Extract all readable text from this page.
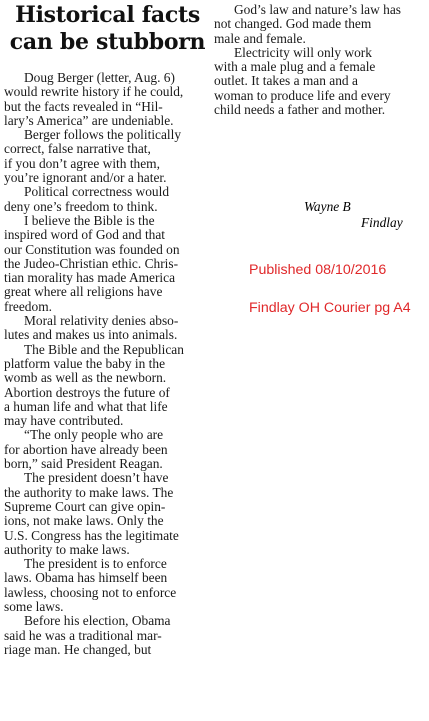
Historical facts
can be stubborn

Doug Berger (letter, Aug. 6)
would rewrite history if he could,
but the facts revealed in “Hil-
lary’s America” are undeniable.

Berger follows the politically
correct, false narrative that,
if you don’t agree with them,
you’re ignorant and/or a hater.

Political correctness would
deny one’s freedom to think.

I believe the Bible is the
inspired word of God and that
our Constitution was founded on
the Judeo-Christian ethic. Chris-
tian morality has made America
great where all religions have
freedom.

Moral relativity denies abso-
lutes and makes us into animals.

The Bible and the Republican
platform value the baby in the
womb as well as the newborn.
Abortion destroys the future of
a human life and what that life
may have contributed.

“The only people who are
for abortion have already been
born,” said President Reagan.

The president doesn’t have
the authority to make laws. The
Supreme Court can give opin-
ions, not make laws. Only the
U.S. Congress has the legitimate
authority to make laws.

The president is to enforce
laws. Obama has himself been
lawless, choosing not to enforce
some laws.

Before his election, Obama
said he was a traditional mar-
riage man. He changed, but

God’s law and nature’s law has
not changed. God made them
male and female.

Electricity will only work
with a male plug and a female
outlet. It takes a man and a
woman to produce life and every
child needs a father and mother.

Wayne B
Findlay
Published 08/10/2016
Findlay OH Courier pg A4
